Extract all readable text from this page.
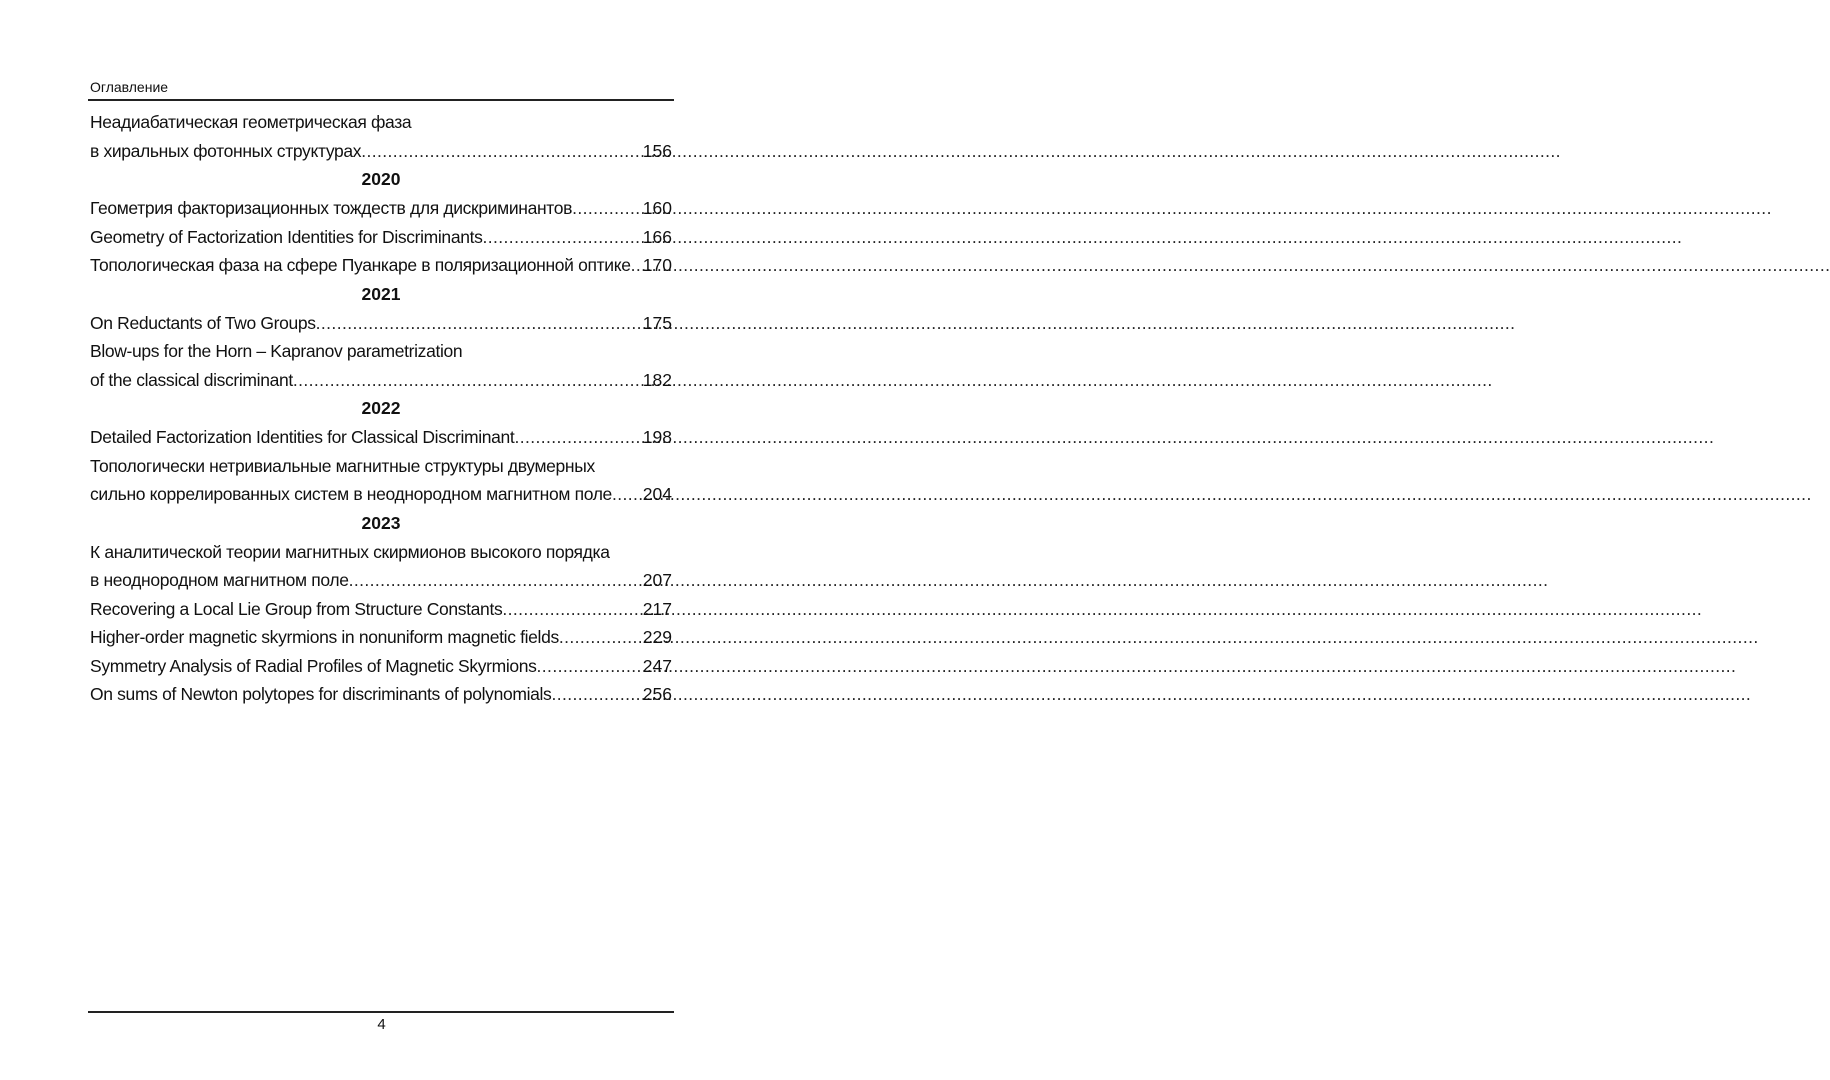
Оглавление
Неадиабатическая геометрическая фаза
в хиральных фотонных структурах .....	156
2020
Геометрия факторизационных тождеств для дискриминантов .....	160
Geometry of Factorization Identities for Discriminants .....	166
Топологическая фаза на сфере Пуанкаре в поляризационной оптике ..... 170
2021
On Reductants of Two Groups .....	175
Blow-ups for the Horn – Kapranov parametrization
of the classical discriminant .....	182
2022
Detailed Factorization Identities for Classical Discriminant .....	198
Топологически нетривиальные магнитные структуры двумерных
сильно коррелированных систем в неоднородном магнитном поле ..... 204
2023
К аналитической теории магнитных скирмионов высокого порядка
в неоднородном магнитном поле .....	207
Recovering a Local Lie Group from Structure Constants .....	217
Higher-order magnetic skyrmions in nonuniform magnetic fields .....	229
Symmetry Analysis of Radial Profiles of Magnetic Skyrmions .....	247
On sums of Newton polytopes for discriminants of polynomials .....	256
4
